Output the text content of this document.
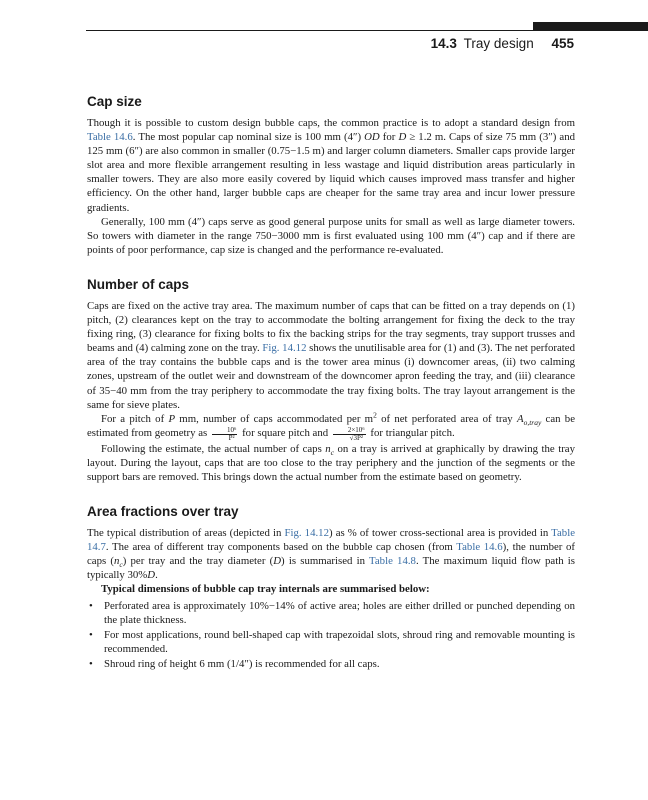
14.3 Tray design 455
Cap size

Though it is possible to custom design bubble caps, the common practice is to adopt a standard design from Table 14.6. The most popular cap nominal size is 100 mm (4″) OD for D ≥ 1.2 m. Caps of size 75 mm (3″) and 125 mm (6″) are also common in smaller (0.75−1.5 m) and larger column diameters. Smaller caps provide larger slot area and more flexible arrangement resulting in less wastage and liquid distribution areas particularly in smaller towers. They are also more easily covered by liquid which causes improved mass transfer and higher efficiency. On the other hand, larger bubble caps are cheaper for the same tray area and incur lower pressure gradients.

Generally, 100 mm (4″) caps serve as good general purpose units for small as well as large diameter towers. So towers with diameter in the range 750−3000 mm is first evaluated using 100 mm (4″) cap and if there are points of poor performance, cap size is changed and the performance re-evaluated.

Number of caps

Caps are fixed on the active tray area. The maximum number of caps that can be fitted on a tray depends on (1) pitch, (2) clearances kept on the tray to accommodate the bolting arrangement for fixing the deck to the tray fixing ring, (3) clearance for fixing bolts to fix the backing strips for the tray segments, tray support trusses and beams and (4) calming zone on the tray. Fig. 14.12 shows the unutilisable area for (1) and (3). The net perforated area of the tray contains the bubble caps and is the tower area minus (i) downcomer areas, (ii) two calming zones, upstream of the outlet weir and downstream of the downcomer apron feeding the tray, and (iii) clearance of 35−40 mm from the tray periphery to accommodate the tray fixing bolts. The tray layout arrangement is the same for sieve plates.

For a pitch of P mm, number of caps accommodated per $m^2$ of net perforated area of tray $A_{o,tray}$ can be estimated from geometry as $\frac{\text{10⁶}}{\text{P²}}$ for square pitch and $\frac{\text{2×10⁶}}{\text{√3P²}}$ for triangular pitch.

Following the estimate, the actual number of caps $n_c$ on a tray is arrived at graphically by drawing the tray layout. During the layout, caps that are too close to the tray periphery and the junction of the segments or the support bars are removed. This brings down the actual number from the estimate based on geometry.

Area fractions over tray

The typical distribution of areas (depicted in Fig. 14.12) as % of tower cross-sectional area is provided in Table 14.7. The area of different tray components based on the bubble cap chosen (from Table 14.6), the number of caps $(n_c)$ per tray and the tray diameter (D) is summarised in Table 14.8. The maximum liquid flow path is typically 30%D.

Typical dimensions of bubble cap tray internals are summarised below:

• Perforated area is approximately 10%−14% of active area; holes are either drilled or punched depending on the plate thickness.
• For most applications, round bell-shaped cap with trapezoidal slots, shroud ring and removable mounting is recommended.
• Shroud ring of height 6 mm (1/4″) is recommended for all caps.
